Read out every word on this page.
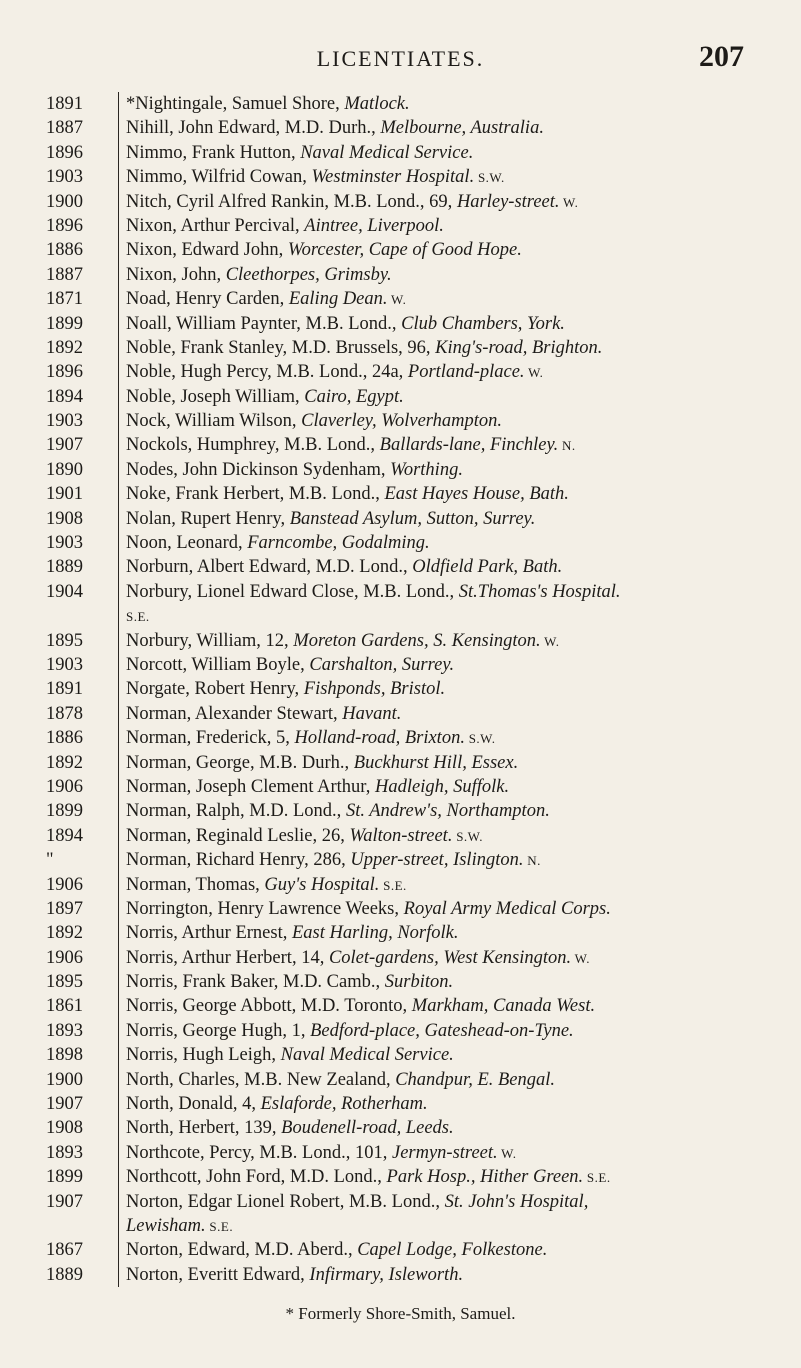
LICENTIATES.	207
1891	*Nightingale, Samuel Shore, Matlock.
1887	Nihill, John Edward, M.D. Durh., Melbourne, Australia.
1896	Nimmo, Frank Hutton, Naval Medical Service.
1903	Nimmo, Wilfrid Cowan, Westminster Hospital. S.W.
1900	Nitch, Cyril Alfred Rankin, M.B. Lond., 69, Harley-street. W.
1896	Nixon, Arthur Percival, Aintree, Liverpool.
1886	Nixon, Edward John, Worcester, Cape of Good Hope.
1887	Nixon, John, Cleethorpes, Grimsby.
1871	Noad, Henry Carden, Ealing Dean. W.
1899	Noall, William Paynter, M.B. Lond., Club Chambers, York.
1892	Noble, Frank Stanley, M.D. Brussels, 96, King's-road, Brighton.
1896	Noble, Hugh Percy, M.B. Lond., 24a, Portland-place. W.
1894	Noble, Joseph William, Cairo, Egypt.
1903	Nock, William Wilson, Claverley, Wolverhampton.
1907	Nockols, Humphrey, M.B. Lond., Ballards-lane, Finchley. N.
1890	Nodes, John Dickinson Sydenham, Worthing.
1901	Noke, Frank Herbert, M.B. Lond., East Hayes House, Bath.
1908	Nolan, Rupert Henry, Banstead Asylum, Sutton, Surrey.
1903	Noon, Leonard, Farncombe, Godalming.
1889	Norburn, Albert Edward, M.D. Lond., Oldfield Park, Bath.
1904	Norbury, Lionel Edward Close, M.B. Lond., St.Thomas's Hospital.
S.E.
1895	Norbury, William, 12, Moreton Gardens, S. Kensington. W.
1903	Norcott, William Boyle, Carshalton, Surrey.
1891	Norgate, Robert Henry, Fishponds, Bristol.
1878	Norman, Alexander Stewart, Havant.
1886	Norman, Frederick, 5, Holland-road, Brixton. S.W.
1892	Norman, George, M.B. Durh., Buckhurst Hill, Essex.
1906	Norman, Joseph Clement Arthur, Hadleigh, Suffolk.
1899	Norman, Ralph, M.D. Lond., St. Andrew's, Northampton.
1894	Norman, Reginald Leslie, 26, Walton-street. S.W.
"	Norman, Richard Henry, 286, Upper-street, Islington. N.
1906	Norman, Thomas, Guy's Hospital. S.E.
1897	Norrington, Henry Lawrence Weeks, Royal Army Medical Corps.
1892	Norris, Arthur Ernest, East Harling, Norfolk.
1906	Norris, Arthur Herbert, 14, Colet-gardens, West Kensington. W.
1895	Norris, Frank Baker, M.D. Camb., Surbiton.
1861	Norris, George Abbott, M.D. Toronto, Markham, Canada West.
1893	Norris, George Hugh, 1, Bedford-place, Gateshead-on-Tyne.
1898	Norris, Hugh Leigh, Naval Medical Service.
1900	North, Charles, M.B. New Zealand, Chandpur, E. Bengal.
1907	North, Donald, 4, Eslaforde, Rotherham.
1908	North, Herbert, 139, Boudenell-road, Leeds.
1893	Northcote, Percy, M.B. Lond., 101, Jermyn-street. W.
1899	Northcott, John Ford, M.D. Lond., Park Hosp., Hither Green. S.E.
1907	Norton, Edgar Lionel Robert, M.B. Lond., St. John's Hospital,
Lewisham. S.E.
1867	Norton, Edward, M.D. Aberd., Capel Lodge, Folkestone.
1889	Norton, Everitt Edward, Infirmary, Isleworth.
* Formerly Shore-Smith, Samuel.
